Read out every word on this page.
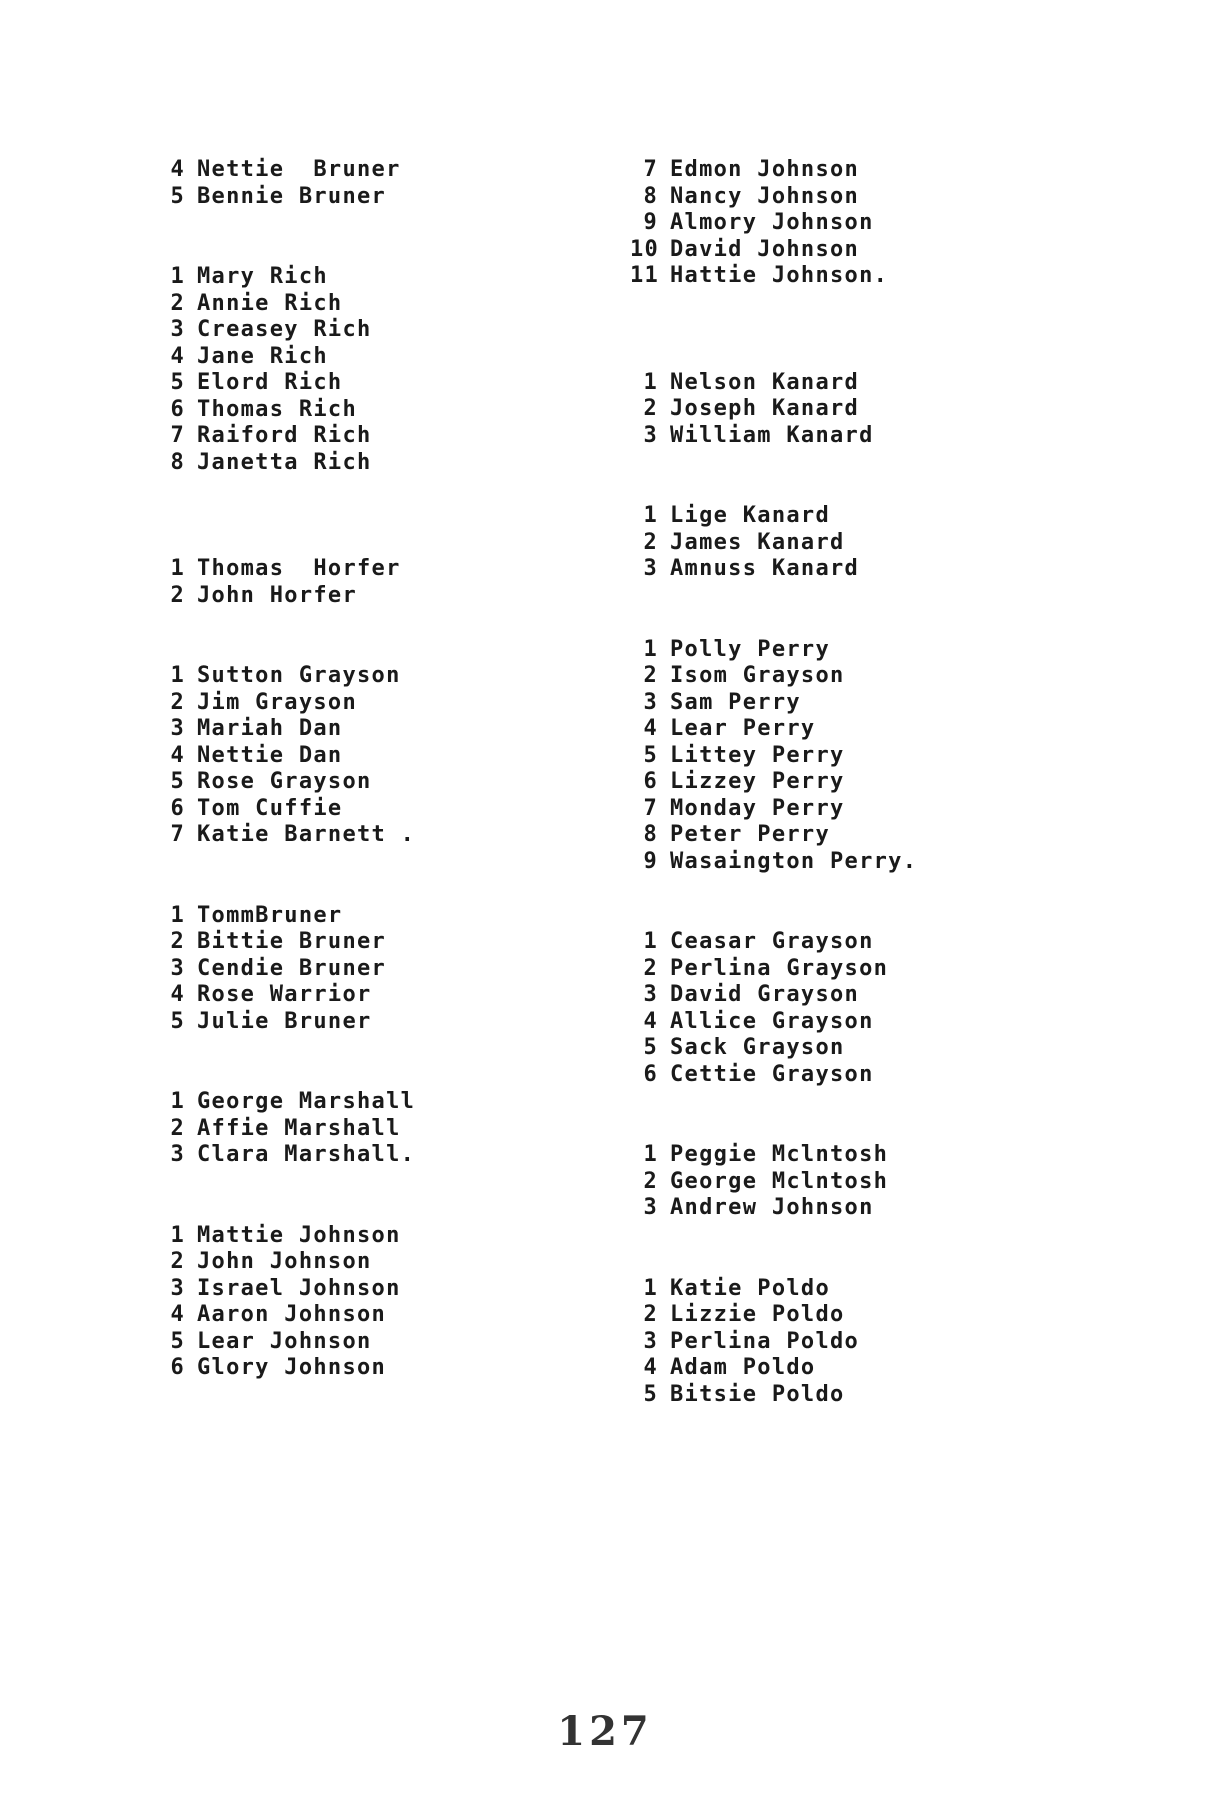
4 Nettie  Bruner
5 Bennie Bruner
1 Mary Rich
2 Annie Rich
3 Creasey Rich
4 Jane Rich
5 Elord Rich
6 Thomas Rich
7 Raiford Rich
8 Janetta Rich
1 Thomas  Horfer
2 John Horfer
1 Sutton Grayson
2 Jim Grayson
3 Mariah Dan
4 Nettie Dan
5 Rose Grayson
6 Tom Cuffie
7 Katie Barnett .
1 TommBruner
2 Bittie Bruner
3 Cendie Bruner
4 Rose Warrior
5 Julie Bruner
1 George Marshall
2 Affie Marshall
3 Clara Marshall.
1 Mattie Johnson
2 John Johnson
3 Israel Johnson
4 Aaron Johnson
5 Lear Johnson
6 Glory Johnson
7 Edmon Johnson
8 Nancy Johnson
9 Almory Johnson
10 David Johnson
11 Hattie Johnson.
1 Nelson Kanard
2 Joseph Kanard
3 William Kanard
1 Lige Kanard
2 James Kanard
3 Amnuss Kanard
1 Polly Perry
2 Isom Grayson
3 Sam Perry
4 Lear Perry
5 Littey Perry
6 Lizzey Perry
7 Monday Perry
8 Peter Perry
9 Wasaington Perry.
1 Ceasar Grayson
2 Perlina Grayson
3 David Grayson
4 Allice Grayson
5 Sack Grayson
6 Cettie Grayson
1 Peggie Mclntosh
2 George Mclntosh
3 Andrew Johnson
1 Katie Poldo
2 Lizzie Poldo
3 Perlina Poldo
4 Adam Poldo
5 Bitsie Poldo
127
